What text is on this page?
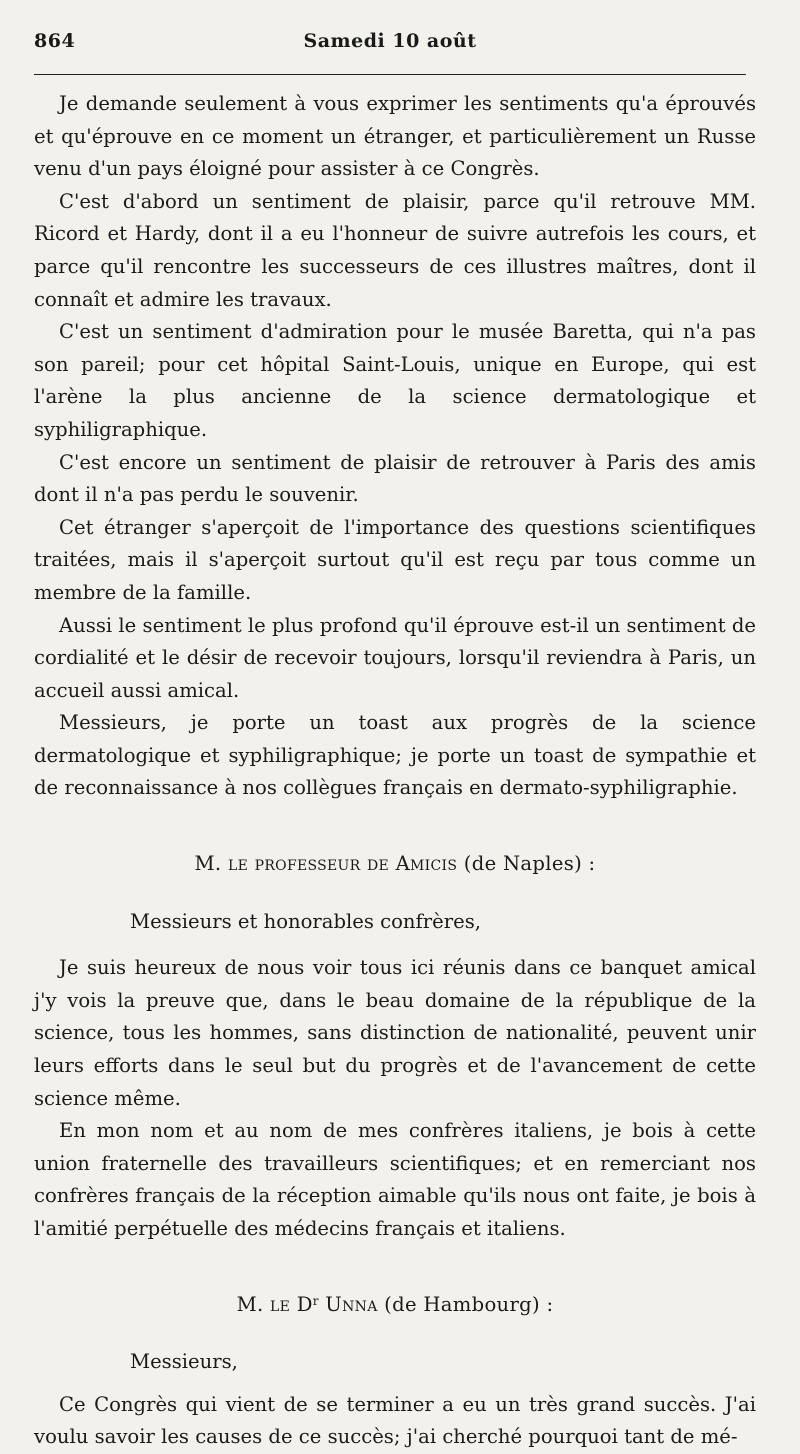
864	Samedi 10 août

Je demande seulement à vous exprimer les sentiments qu'a éprouvés et qu'éprouve en ce moment un étranger, et particulièrement un Russe venu d'un pays éloigné pour assister à ce Congrès.

C'est d'abord un sentiment de plaisir, parce qu'il retrouve MM. Ricord et Hardy, dont il a eu l'honneur de suivre autrefois les cours, et parce qu'il rencontre les successeurs de ces illustres maîtres, dont il connaît et admire les travaux.

C'est un sentiment d'admiration pour le musée Baretta, qui n'a pas son pareil; pour cet hôpital Saint-Louis, unique en Europe, qui est l'arène la plus ancienne de la science dermatologique et syphiligraphique.

C'est encore un sentiment de plaisir de retrouver à Paris des amis dont il n'a pas perdu le souvenir.

Cet étranger s'aperçoit de l'importance des questions scientifiques traitées, mais il s'aperçoit surtout qu'il est reçu par tous comme un membre de la famille.

Aussi le sentiment le plus profond qu'il éprouve est-il un sentiment de cordialité et le désir de recevoir toujours, lorsqu'il reviendra à Paris, un accueil aussi amical.

Messieurs, je porte un toast aux progrès de la science dermatologique et syphiligraphique; je porte un toast de sympathie et de reconnaissance à nos collègues français en dermato-syphiligraphie.

M. le professeur de Amicis (de Naples) :

Messieurs et honorables confrères,

Je suis heureux de nous voir tous ici réunis dans ce banquet amical j'y vois la preuve que, dans le beau domaine de la république de la science, tous les hommes, sans distinction de nationalité, peuvent unir leurs efforts dans le seul but du progrès et de l'avancement de cette science même.

En mon nom et au nom de mes confrères italiens, je bois à cette union fraternelle des travailleurs scientifiques; et en remerciant nos confrères français de la réception aimable qu'ils nous ont faite, je bois à l'amitié perpétuelle des médecins français et italiens.

M. le $D^r$ Unna (de Hambourg) :

Messieurs,

Ce Congrès qui vient de se terminer a eu un très grand succès. J'ai voulu savoir les causes de ce succès; j'ai cherché pourquoi tant de mé-
